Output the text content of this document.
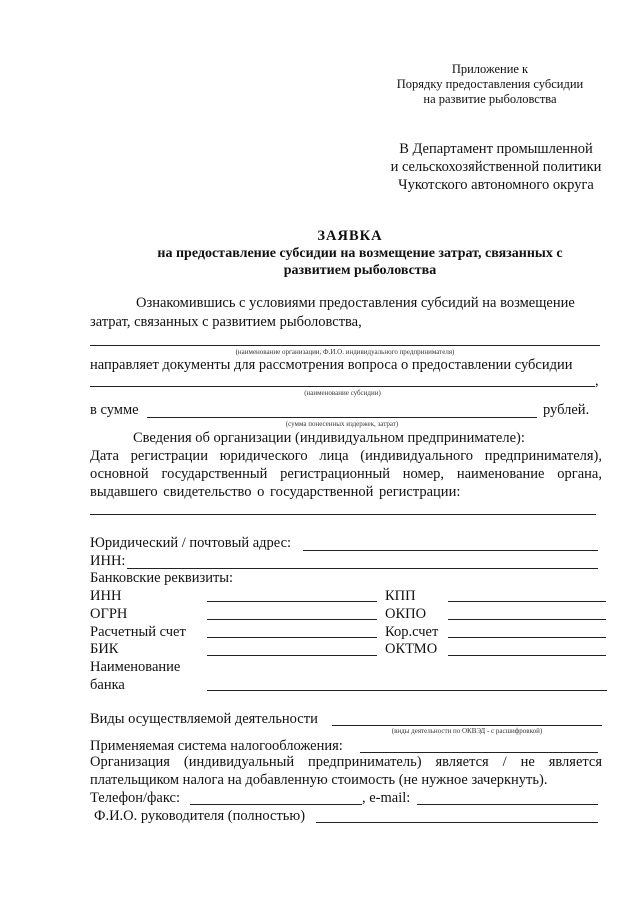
Приложение к
Порядку предоставления субсидии
на развитие рыболовства
В Департамент промышленной
и сельскохозяйственной политики
Чукотского автономного округа
ЗАЯВКА
на предоставление субсидии на возмещение затрат, связанных с
развитием рыболовства
Ознакомившись с условиями предоставления субсидий на возмещение
затрат, связанных с развитием рыболовства,
(наименование организации, Ф.И.О. индивидуального предпринимателя)
направляет документы для рассмотрения вопроса о предоставлении субсидии
,
(наименование субсидии)
в сумме	рублей.
(сумма понесенных издержек, затрат)
Сведения об организации (индивидуальном предпринимателе):
Дата регистрации юридического лица (индивидуального предпринимателя),
основной государственный регистрационный номер, наименование органа,
выдавшего свидетельство о государственной регистрации:
Юридический / почтовый адрес:
ИНН:
Банковские реквизиты:
ИНН	КПП
ОГРН	ОКПО
Расчетный счет	Кор.счет
БИК	ОКТМО
Наименование
банка
Виды осуществляемой деятельности
(виды деятельности по ОКВЭД - с расшифровкой)
Применяемая система налогообложения:
Организация (индивидуальный предприниматель) является / не является
плательщиком налога на добавленную стоимость (не нужное зачеркнуть).
Телефон/факс:	, e-mail:
Ф.И.О. руководителя (полностью)
